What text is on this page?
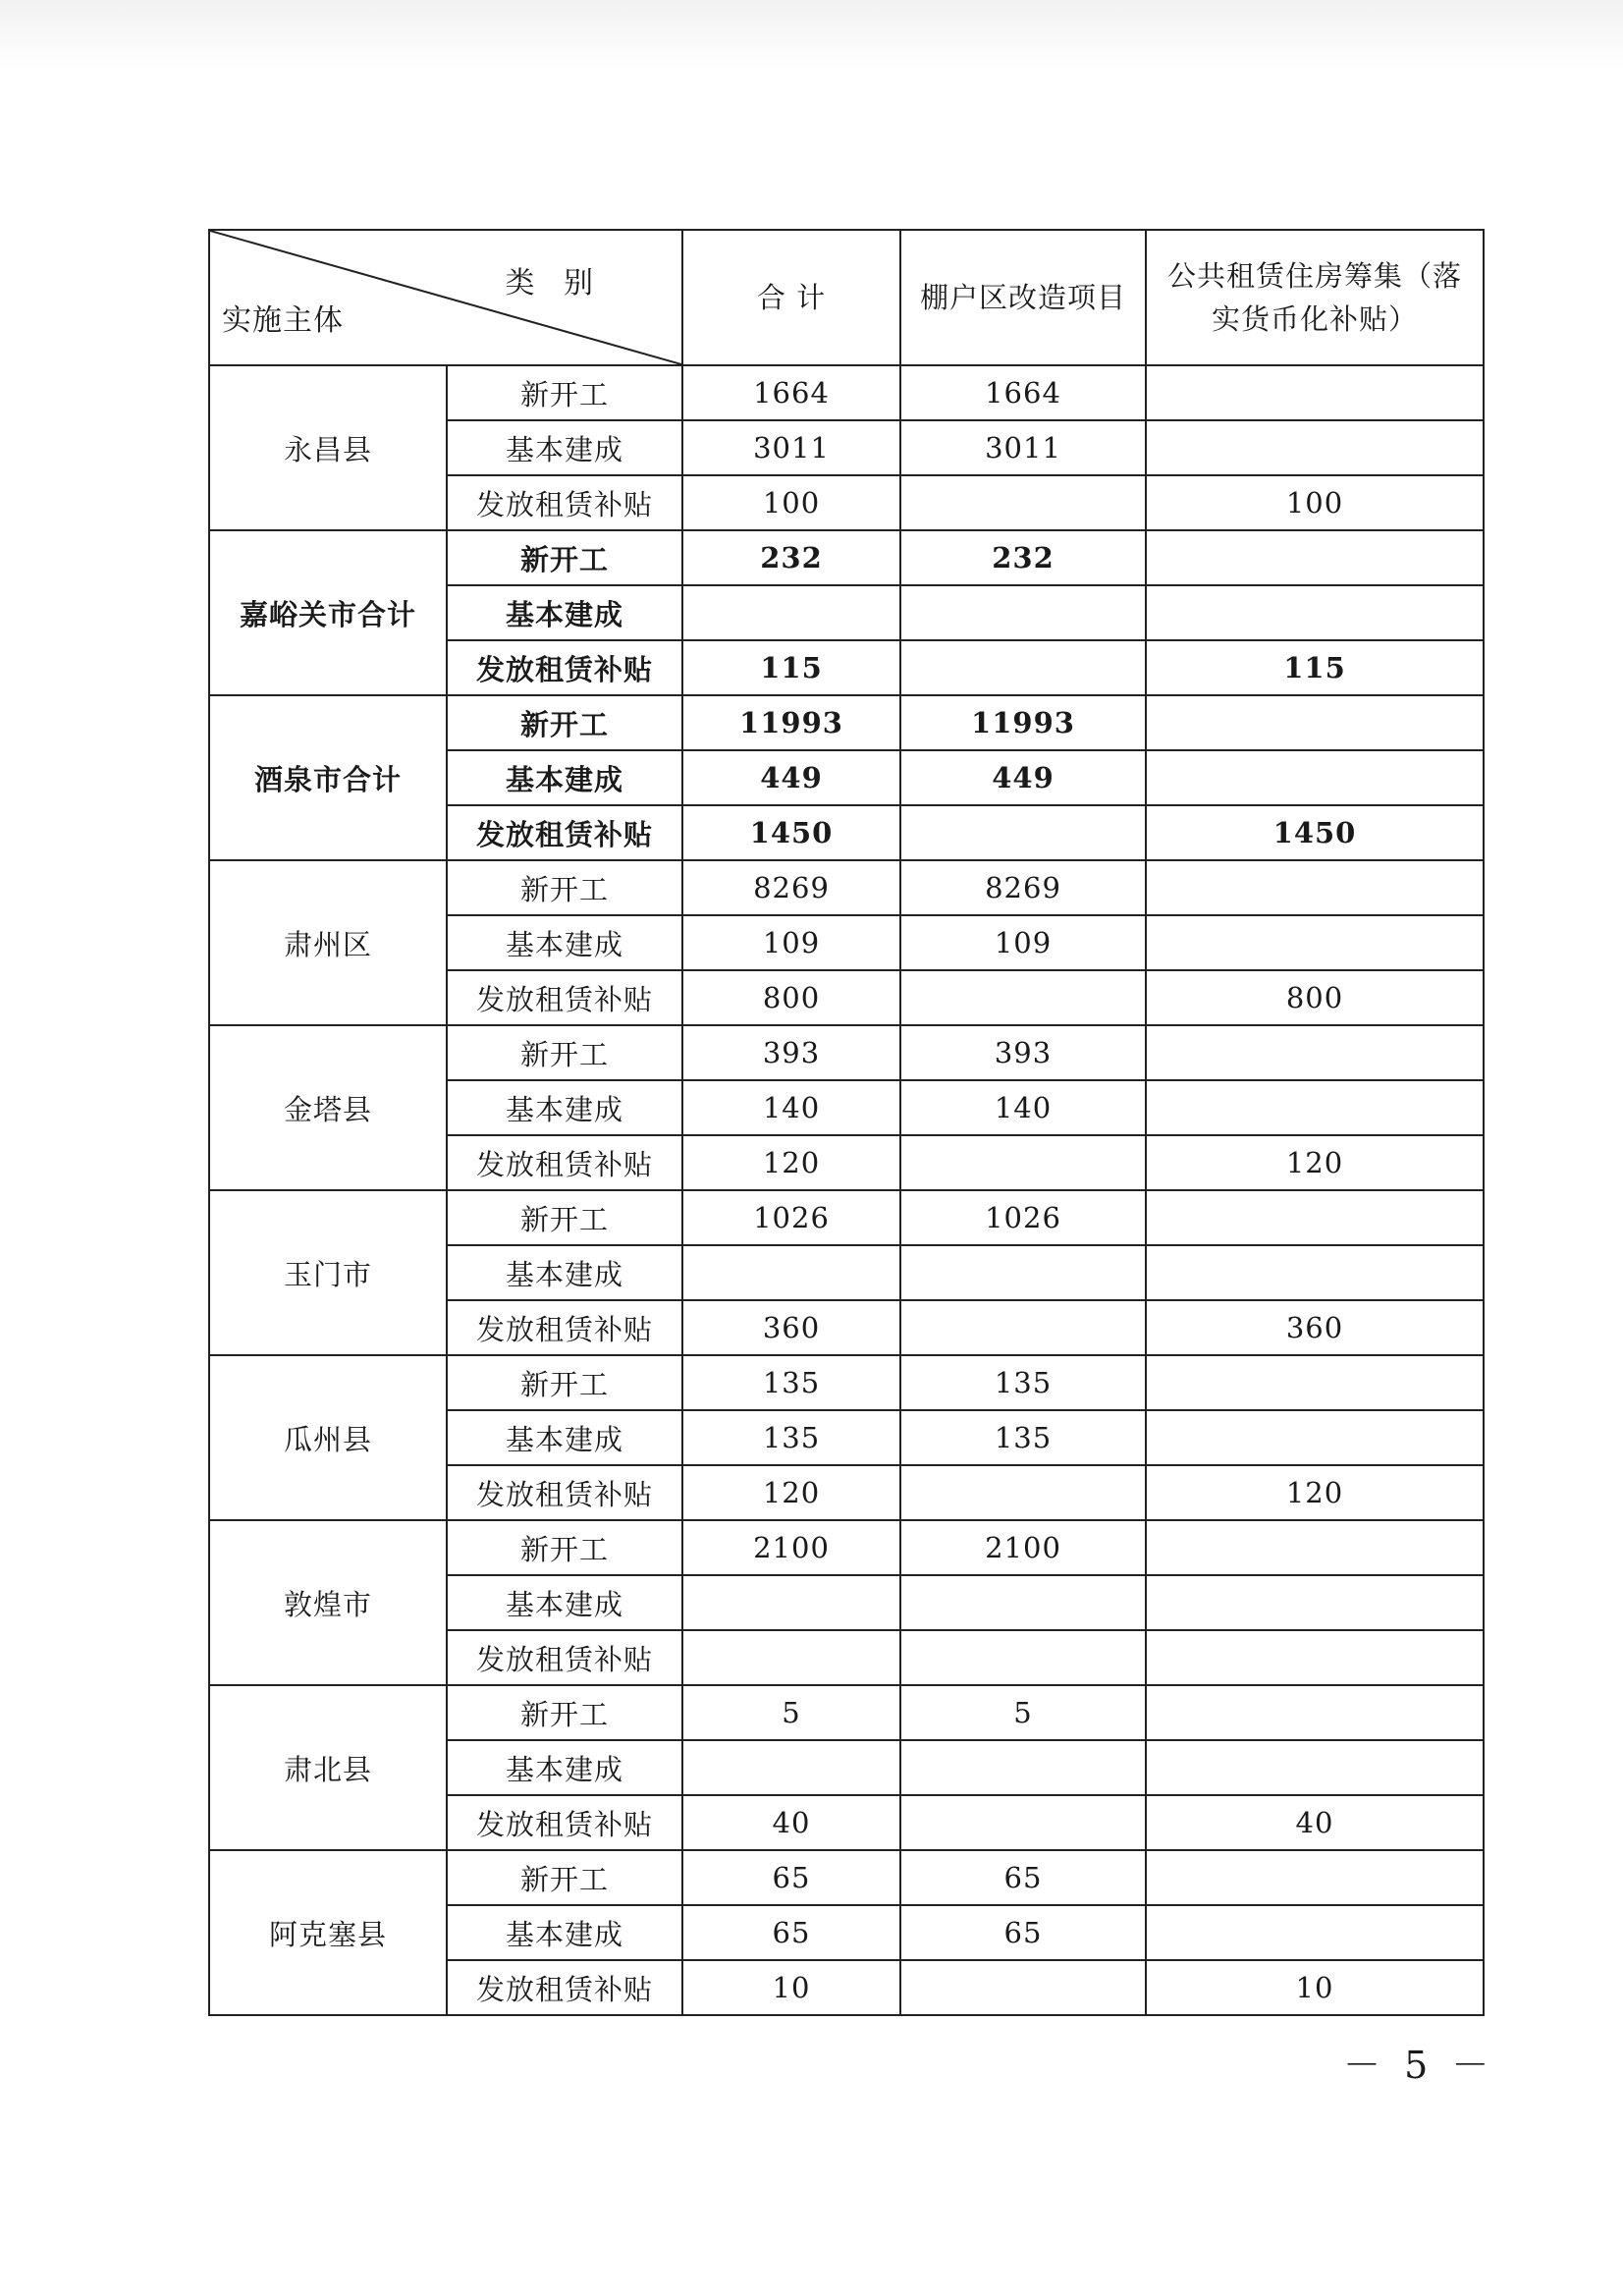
类 别
实施主体		合 计	棚户区改造项目	公共租赁住房筹集（落实货币化补贴）
永昌县	新开工	1664	1664	
	基本建成	3011	3011	
	发放租赁补贴	100		100
嘉峪关市合计	新开工	232	232	
	基本建成			
	发放租赁补贴	115		115
酒泉市合计	新开工	11993	11993	
	基本建成	449	449	
	发放租赁补贴	1450		1450
肃州区	新开工	8269	8269	
	基本建成	109	109	
	发放租赁补贴	800		800
金塔县	新开工	393	393	
	基本建成	140	140	
	发放租赁补贴	120		120
玉门市	新开工	1026	1026	
	基本建成			
	发放租赁补贴	360		360
瓜州县	新开工	135	135	
	基本建成	135	135	
	发放租赁补贴	120		120
敦煌市	新开工	2100	2100	
	基本建成			
	发放租赁补贴			
肃北县	新开工	5	5	
	基本建成			
	发放租赁补贴	40		40
阿克塞县	新开工	65	65	
	基本建成	65	65	
	发放租赁补贴	10		10
－ 5 －
